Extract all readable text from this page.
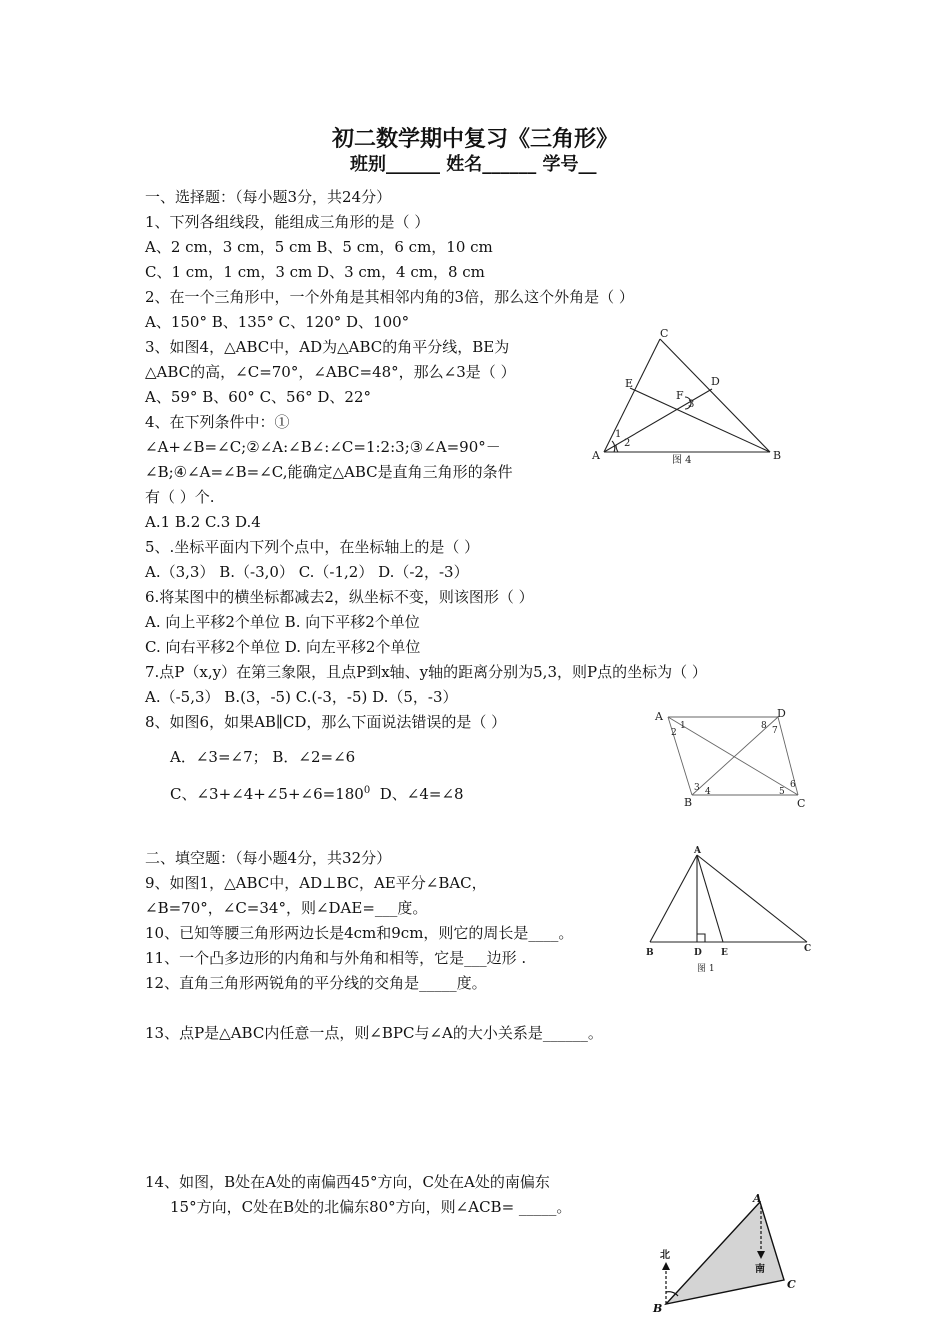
初二数学期中复习《三角形》
班别______ 姓名______ 学号__
一、选择题：（每小题3分，共24分）
1、下列各组线段，能组成三角形的是（ ）
A、2 cm，3 cm，5 cm B、5 cm，6 cm，10 cm
C、1 cm，1 cm，3 cm D、3 cm，4 cm，8 cm
2、在一个三角形中，一个外角是其相邻内角的3倍，那么这个外角是（ ）
A、150° B、135° C、120° D、100°
3、如图4，△ABC中，AD为△ABC的角平分线，BE为
△ABC的高，∠C=70°，∠ABC=48°，那么∠3是（ ）
A、59° B、60° C、56° D、22°
4、在下列条件中：①
∠A+∠B=∠C;②∠A:∠B∠:∠C=1:2:3;③∠A=90°－
∠B;④∠A=∠B=∠C,能确定△ABC是直角三角形的条件
有（ ）个.
A.1 B.2 C.3 D.4
5、.坐标平面内下列个点中，在坐标轴上的是（ ）
A.（3,3） B.（-3,0） C.（-1,2） D.（-2，-3）
6.将某图中的横坐标都减去2，纵坐标不变，则该图形（ ）
A. 向上平移2个单位 B. 向下平移2个单位
C. 向右平移2个单位 D. 向左平移2个单位
7.点P（x,y）在第三象限，且点P到x轴、y轴的距离分别为5,3，则P点的坐标为（ ）
A.（-5,3） B.(3，-5) C.(-3，-5) D.（5，-3）
8、如图6，如果AB∥CD，那么下面说法错误的是（ ）
A．∠3=∠7； B．∠2=∠6
C、$\angle 3+\angle 4+\angle 5+\angle 6=180^0$ D、∠4=∠8
二、填空题：（每小题4分，共32分）
9、如图1，△ABC中，AD⊥BC，AE平分∠BAC，
∠B=70°，∠C=34°，则∠DAE=___度。
10、已知等腰三角形两边长是4cm和9cm，则它的周长是____。
11、一个凸多边形的内角和与外角和相等，它是___边形 .
12、直角三角形两锐角的平分线的交角是_____度。
13、点P是△ABC内任意一点，则∠BPC与∠A的大小关系是______。
14、如图，B处在A处的南偏西45°方向，C处在A处的南偏东
15°方向，C处在B处的北偏东80°方向，则∠ACB= _____。
A	B
C
D
E
F
1
2
3
图 4
A
B	C
D
1
2
3 4	5
6
7
8
A
B	C
D E
图 1
A
B
C
北
南
